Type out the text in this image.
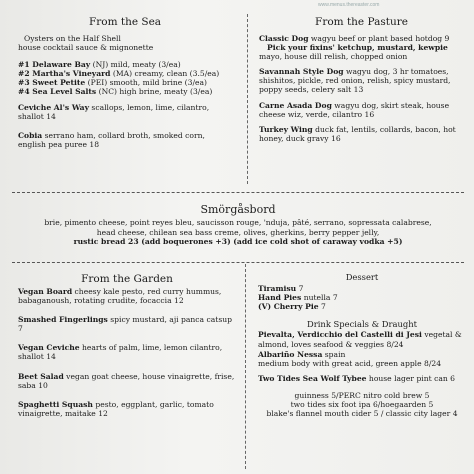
www.menus.thereaster.com
From the Sea
Oysters on the Half Shell
house cocktail sauce & mignonette
#1 Delaware Bay (NJ) mild, meaty (3/ea)
#2 Martha's Vineyard (MA) creamy, clean (3.5/ea)
#3 Sweet Petite (PEI) smooth, mild brine (3/ea)
#4 Sea Level Salts (NC) high brine, meaty (3/ea)
Ceviche Al's Way scallops, lemon, lime, cilantro, shallot 14
Cobia serrano ham, collard broth, smoked corn, english pea puree 18
From the Pasture
Classic Dog wagyu beef or plant based hotdog 9
Pick your fixins' ketchup, mustard, kewpie
mayo, house dill relish, chopped onion
Savannah Style Dog wagyu dog, 3 hr tomatoes, shishitos, pickle, red onion, relish, spicy mustard, poppy seeds, celery salt 13
Carne Asada Dog wagyu dog, skirt steak, house cheese wiz, verde, cilantro 16
Turkey Wing duck fat, lentils, collards, bacon, hot honey, duck gravy 16
Smörgåsbord
brie, pimento cheese, point reyes bleu, saucisson rouge, 'nduja, pâté, serrano, sopressata calabrese,
head cheese, chilean sea bass creme, olives, gherkins, berry pepper jelly,
rustic bread 23 (add boquerones +3) (add ice cold shot of caraway vodka +5)
From the Garden
Vegan Board cheesy kale pesto, red curry hummus, babaganoush, rotating crudite, focaccia 12
Smashed Fingerlings spicy mustard, aji panca catsup 7
Vegan Ceviche hearts of palm, lime, lemon cilantro, shallot 14
Beet Salad vegan goat cheese, house vinaigrette, frise, saba 10
Spaghetti Squash pesto, eggplant, garlic, tomato vinaigrette, maitake 12
Dessert
Tiramisu 7
Hand Pies nutella 7
(V) Cherry Pie 7
Drink Specials & Draught
Pievalta, Verdicchio del Castelli di Jesi vegetal & almond, loves seafood & veggies 8/24
Albariño Nessa spain
medium body with great acid, green apple 8/24
Two Tides Sea Wolf Tybee house lager pint can 6
guinness 5/PERC nitro cold brew 5
two tides six foot ipa 6/hoegaarden 5
blake's flannel mouth cider 5 / classic city lager 4
